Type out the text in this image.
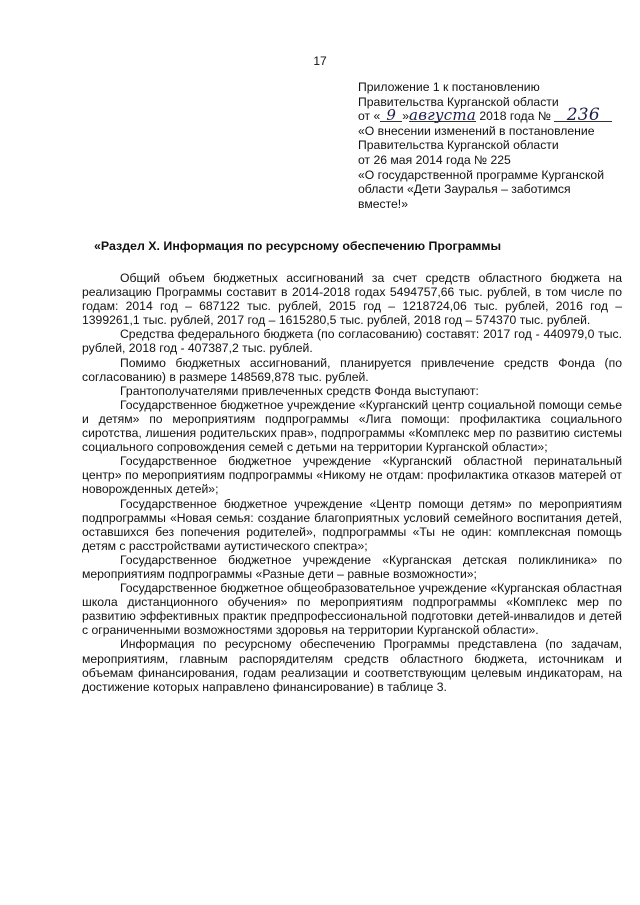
17
Приложение 1 к постановлению
Правительства Курганской области
от « 9 »августа 2018 года № 236
«О внесении изменений в постановление
Правительства Курганской области
от 26 мая 2014 года № 225
«О государственной программе Курганской
области «Дети Зауралья – заботимся
вместе!»
«Раздел X. Информация по ресурсному обеспечению Программы

Общий объем бюджетных ассигнований за счет средств областного бюджета на реализацию Программы составит в 2014-2018 годах 5494757,66 тыс. рублей, в том числе по годам: 2014 год – 687122 тыс. рублей, 2015 год – 1218724,06 тыс. рублей, 2016 год – 1399261,1 тыс. рублей, 2017 год – 1615280,5 тыс. рублей, 2018 год – 574370 тыс. рублей.

Средства федерального бюджета (по согласованию) составят: 2017 год - 440979,0 тыс. рублей, 2018 год - 407387,2 тыс. рублей.

Помимо бюджетных ассигнований, планируется привлечение средств Фонда (по согласованию) в размере 148569,878 тыс. рублей.

Грантополучателями привлеченных средств Фонда выступают:

Государственное бюджетное учреждение «Курганский центр социальной помощи семье и детям» по мероприятиям подпрограммы «Лига помощи: профилактика социального сиротства, лишения родительских прав», подпрограммы «Комплекс мер по развитию системы социального сопровождения семей с детьми на территории Курганской области»;

Государственное бюджетное учреждение «Курганский областной перинатальный центр» по мероприятиям подпрограммы «Никому не отдам: профилактика отказов матерей от новорожденных детей»;

Государственное бюджетное учреждение «Центр помощи детям» по мероприятиям подпрограммы «Новая семья: создание благоприятных условий семейного воспитания детей, оставшихся без попечения родителей», подпрограммы «Ты не один: комплексная помощь детям с расстройствами аутистического спектра»;

Государственное бюджетное учреждение «Курганская детская поликлиника» по мероприятиям подпрограммы «Разные дети – равные возможности»;

Государственное бюджетное общеобразовательное учреждение «Курганская областная школа дистанционного обучения» по мероприятиям подпрограммы «Комплекс мер по развитию эффективных практик предпрофессиональной подготовки детей-инвалидов и детей с ограниченными возможностями здоровья на территории Курганской области».

Информация по ресурсному обеспечению Программы представлена (по задачам, мероприятиям, главным распорядителям средств областного бюджета, источникам и объемам финансирования, годам реализации и соответствующим целевым индикаторам, на достижение которых направлено финансирование) в таблице 3.
